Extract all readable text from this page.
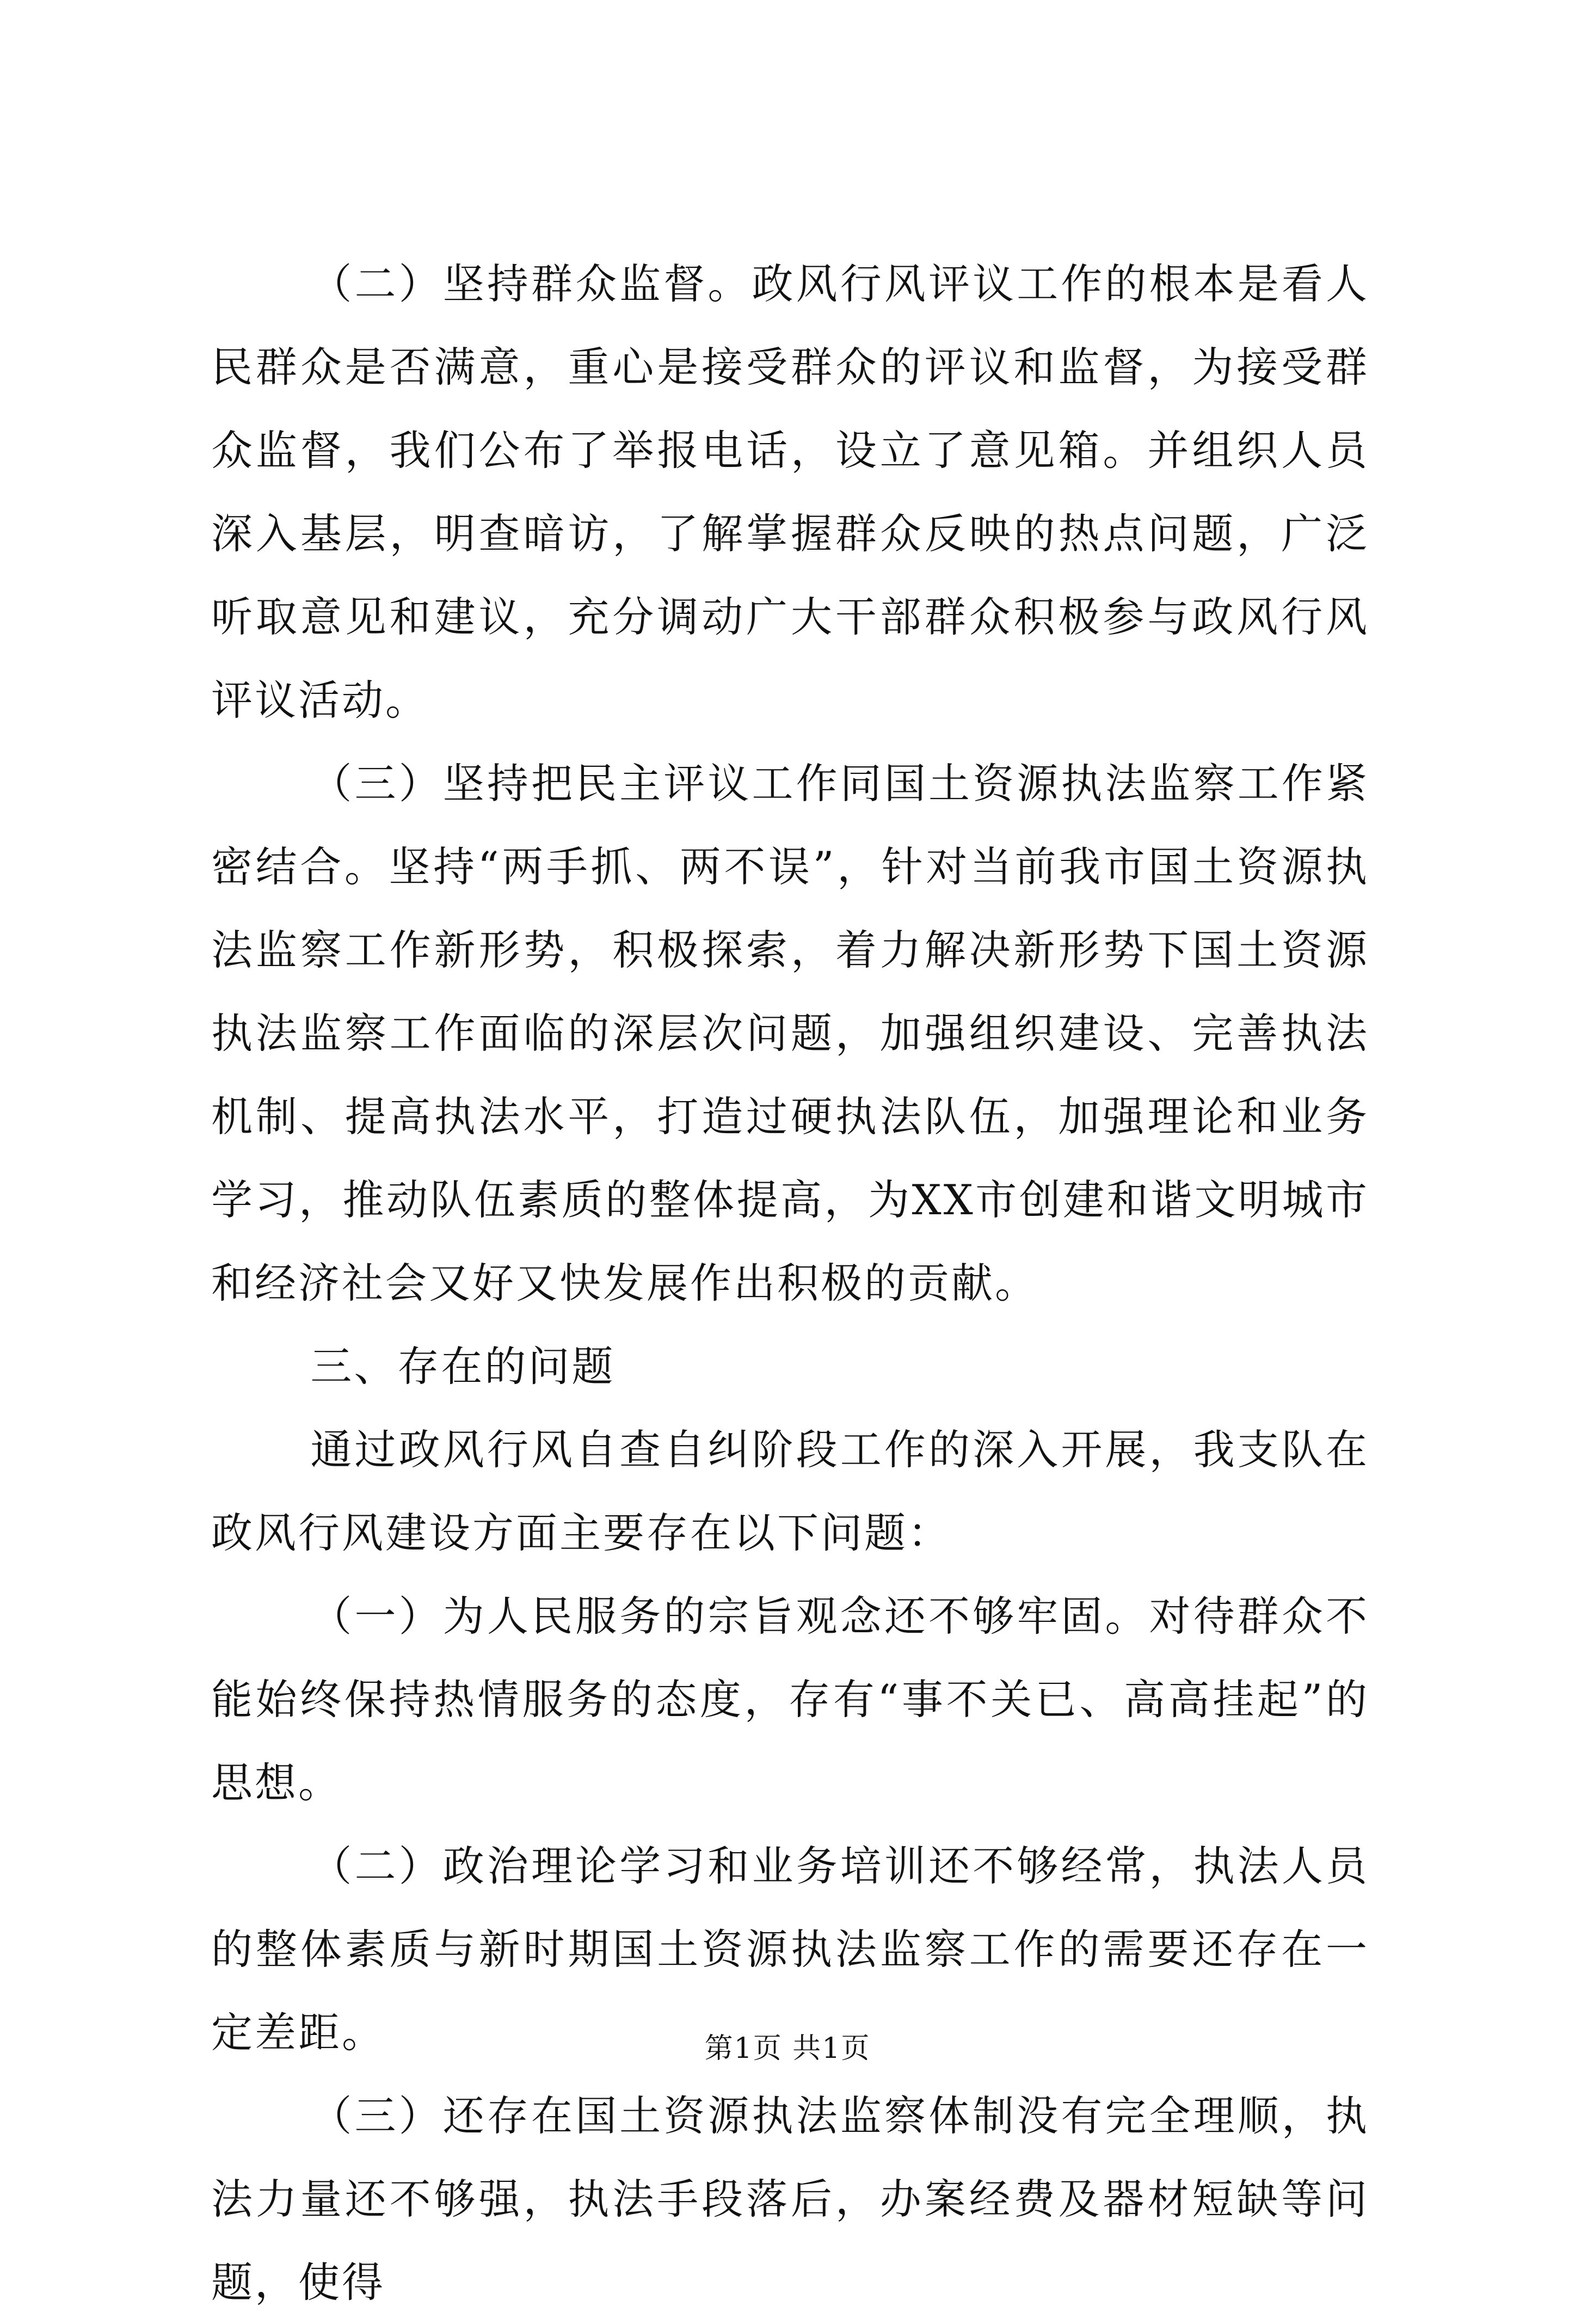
（二）坚持群众监督。政风行风评议工作的根本是看人民群众是否满意，重心是接受群众的评议和监督，为接受群众监督，我们公布了举报电话，设立了意见箱。并组织人员深入基层，明查暗访，了解掌握群众反映的热点问题，广泛听取意见和建议，充分调动广大干部群众积极参与政风行风评议活动。

（三）坚持把民主评议工作同国土资源执法监察工作紧密结合。坚持“两手抓、两不误”，针对当前我市国土资源执法监察工作新形势，积极探索，着力解决新形势下国土资源执法监察工作面临的深层次问题，加强组织建设、完善执法机制、提高执法水平，打造过硬执法队伍，加强理论和业务学习，推动队伍素质的整体提高，为XX市创建和谐文明城市和经济社会又好又快发展作出积极的贡献。

三、存在的问题

通过政风行风自查自纠阶段工作的深入开展，我支队在政风行风建设方面主要存在以下问题：

（一）为人民服务的宗旨观念还不够牢固。对待群众不能始终保持热情服务的态度，存有“事不关已、高高挂起”的思想。

（二）政治理论学习和业务培训还不够经常，执法人员的整体素质与新时期国土资源执法监察工作的需要还存在一定差距。

（三）还存在国土资源执法监察体制没有完全理顺，执法力量还不够强，执法手段落后，办案经费及器材短缺等问题，使得

第1页 共1页
